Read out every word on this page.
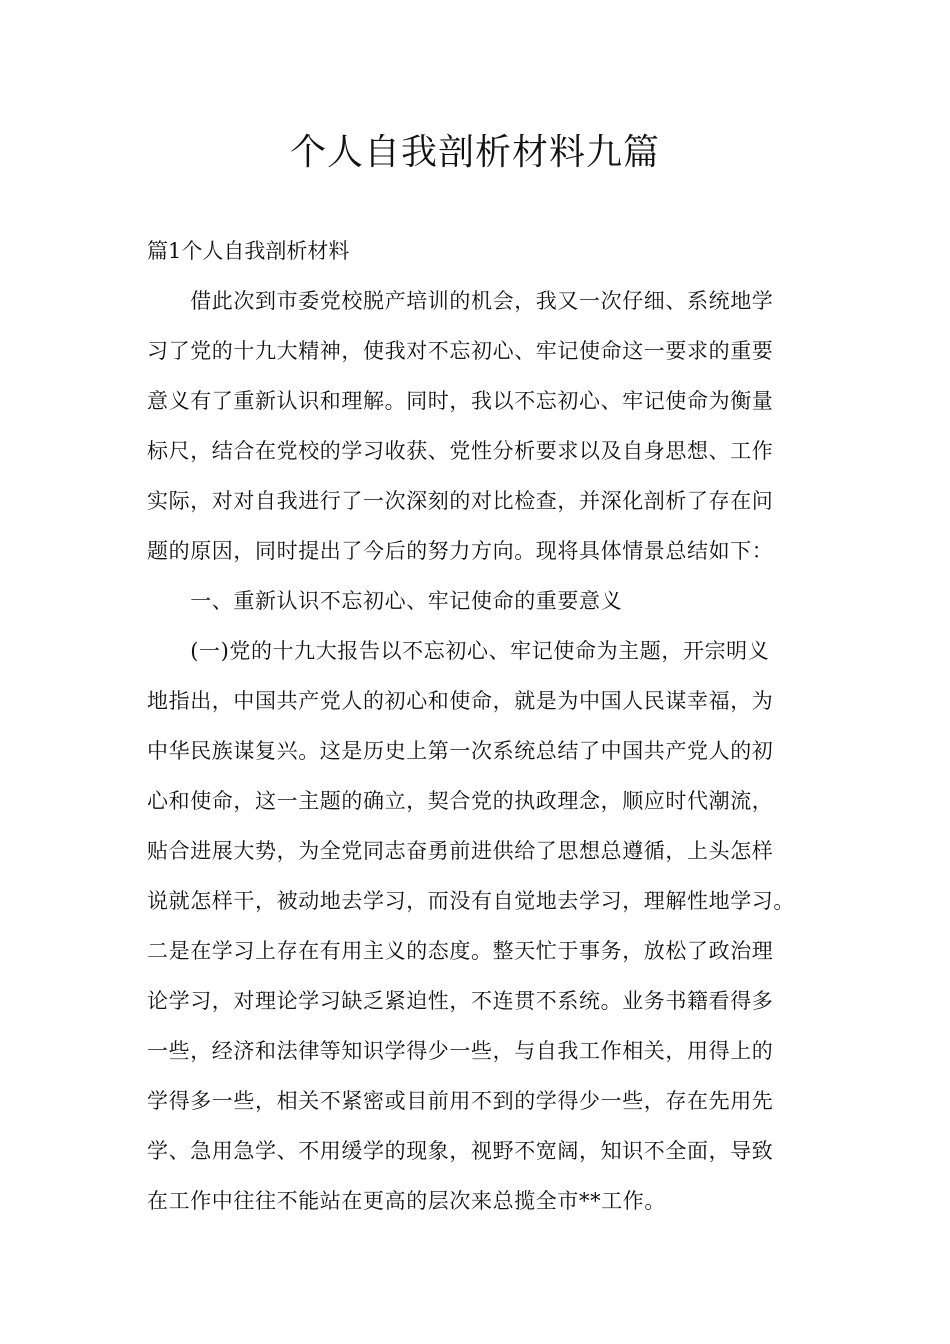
个人自我剖析材料九篇
篇1个人自我剖析材料
　　借此次到市委党校脱产培训的机会，我又一次仔细、系统地学
习了党的十九大精神，使我对不忘初心、牢记使命这一要求的重要
意义有了重新认识和理解。同时，我以不忘初心、牢记使命为衡量
标尺，结合在党校的学习收获、党性分析要求以及自身思想、工作
实际，对对自我进行了一次深刻的对比检查，并深化剖析了存在问
题的原因，同时提出了今后的努力方向。现将具体情景总结如下：
　　一、重新认识不忘初心、牢记使命的重要意义
　　(一)党的十九大报告以不忘初心、牢记使命为主题，开宗明义
地指出，中国共产党人的初心和使命，就是为中国人民谋幸福，为
中华民族谋复兴。这是历史上第一次系统总结了中国共产党人的初
心和使命，这一主题的确立，契合党的执政理念，顺应时代潮流，
贴合进展大势，为全党同志奋勇前进供给了思想总遵循，上头怎样
说就怎样干，被动地去学习，而没有自觉地去学习，理解性地学习。
二是在学习上存在有用主义的态度。整天忙于事务，放松了政治理
论学习，对理论学习缺乏紧迫性，不连贯不系统。业务书籍看得多
一些，经济和法律等知识学得少一些，与自我工作相关，用得上的
学得多一些，相关不紧密或目前用不到的学得少一些，存在先用先
学、急用急学、不用缓学的现象，视野不宽阔，知识不全面，导致
在工作中往往不能站在更高的层次来总揽全市**工作。
